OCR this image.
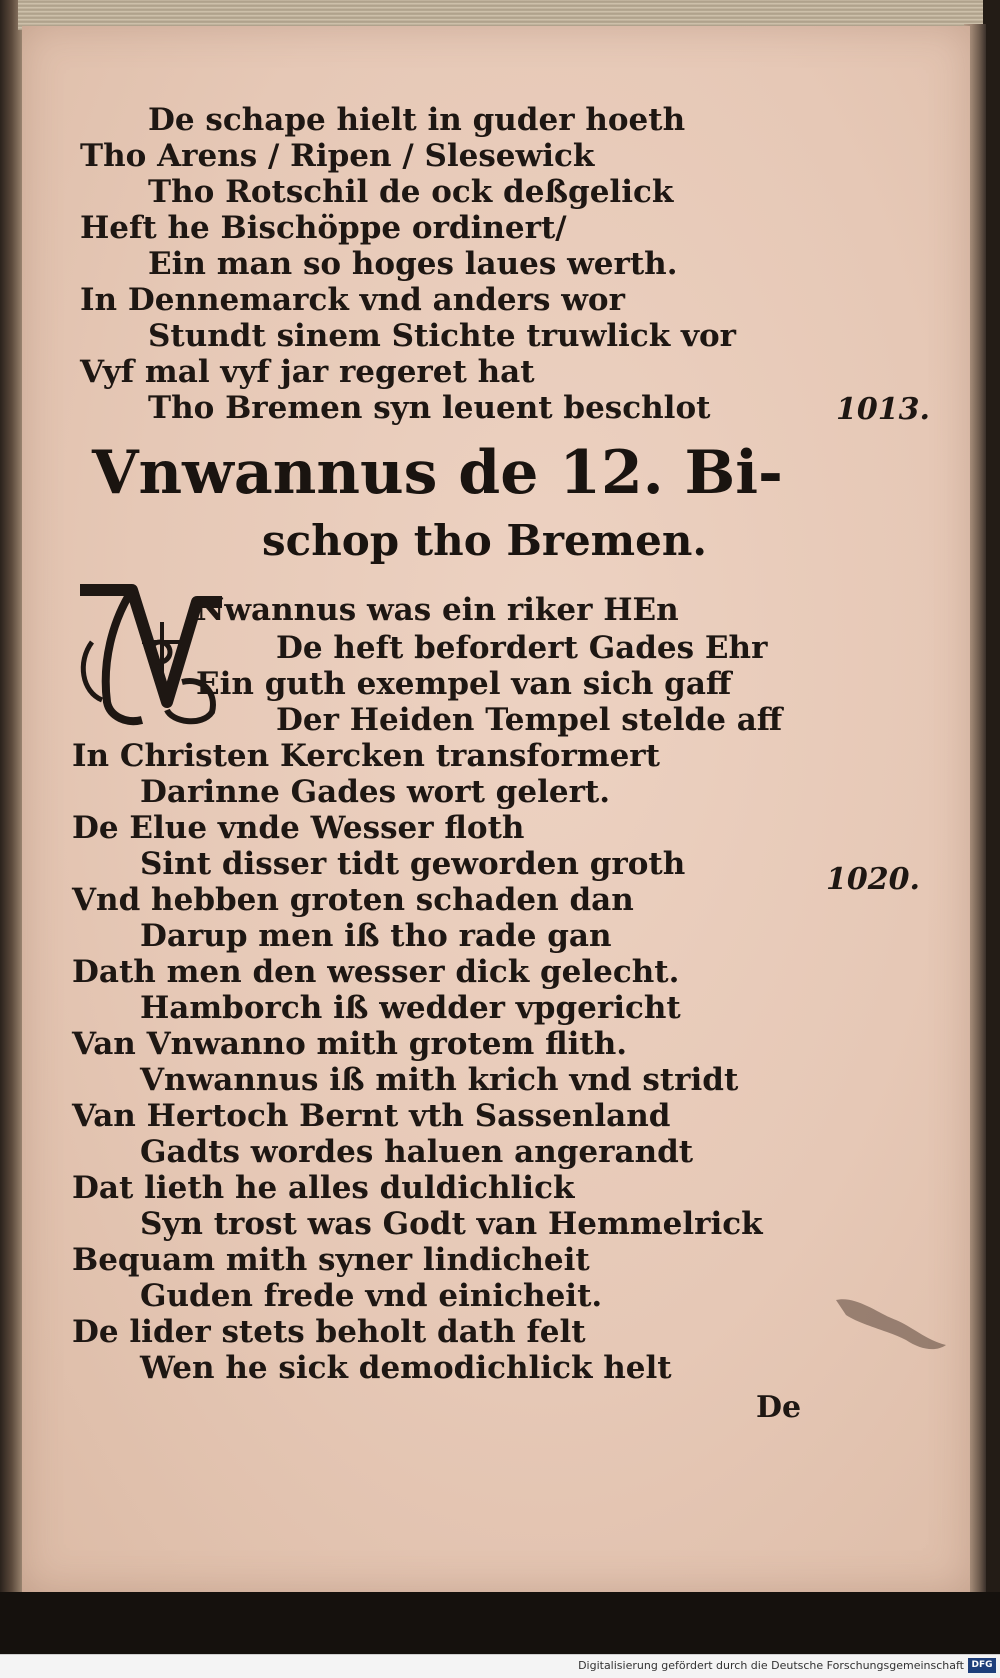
De schape hielt in guder hoeth
Tho Arens / Ripen / Slesewick
Tho Rotschil de ock deßgelick
Heft he Bischöppe ordinert/
Ein man so hoges laues werth.
In Dennemarck vnd anders wor
Stundt sinem Stichte truwlick vor
Vyf mal vyf jar regeret hat
Tho Bremen syn leuent beschlot	1013.
Vnwannus de 12. Bi-
schop tho Bremen.
V
Nwannus was ein riker HEn
De heft befordert Gades Ehr
Ein guth exempel van sich gaff
Der Heiden Tempel stelde aff
In Christen Kercken transformert
Darinne Gades wort gelert.
De Elue vnde Wesser floth
Sint disser tidt geworden groth
Vnd hebben groten schaden dan
Darup men iß tho rade gan
Dath men den wesser dick gelecht.
Hamborch iß wedder vpgericht
Van Vnwanno mith grotem flith.
Vnwannus iß mith krich vnd stridt
Van Hertoch Bernt vth Sassenland
Gadts wordes haluen angerandt
Dat lieth he alles duldichlick
Syn trost was Godt van Hemmelrick
Bequam mith syner lindicheit
Guden frede vnd einicheit.
De lider stets beholt dath felt
Wen he sick demodichlick helt
1020.
De
Digitalisierung gefördert durch die Deutsche Forschungsgemeinschaft DFG
